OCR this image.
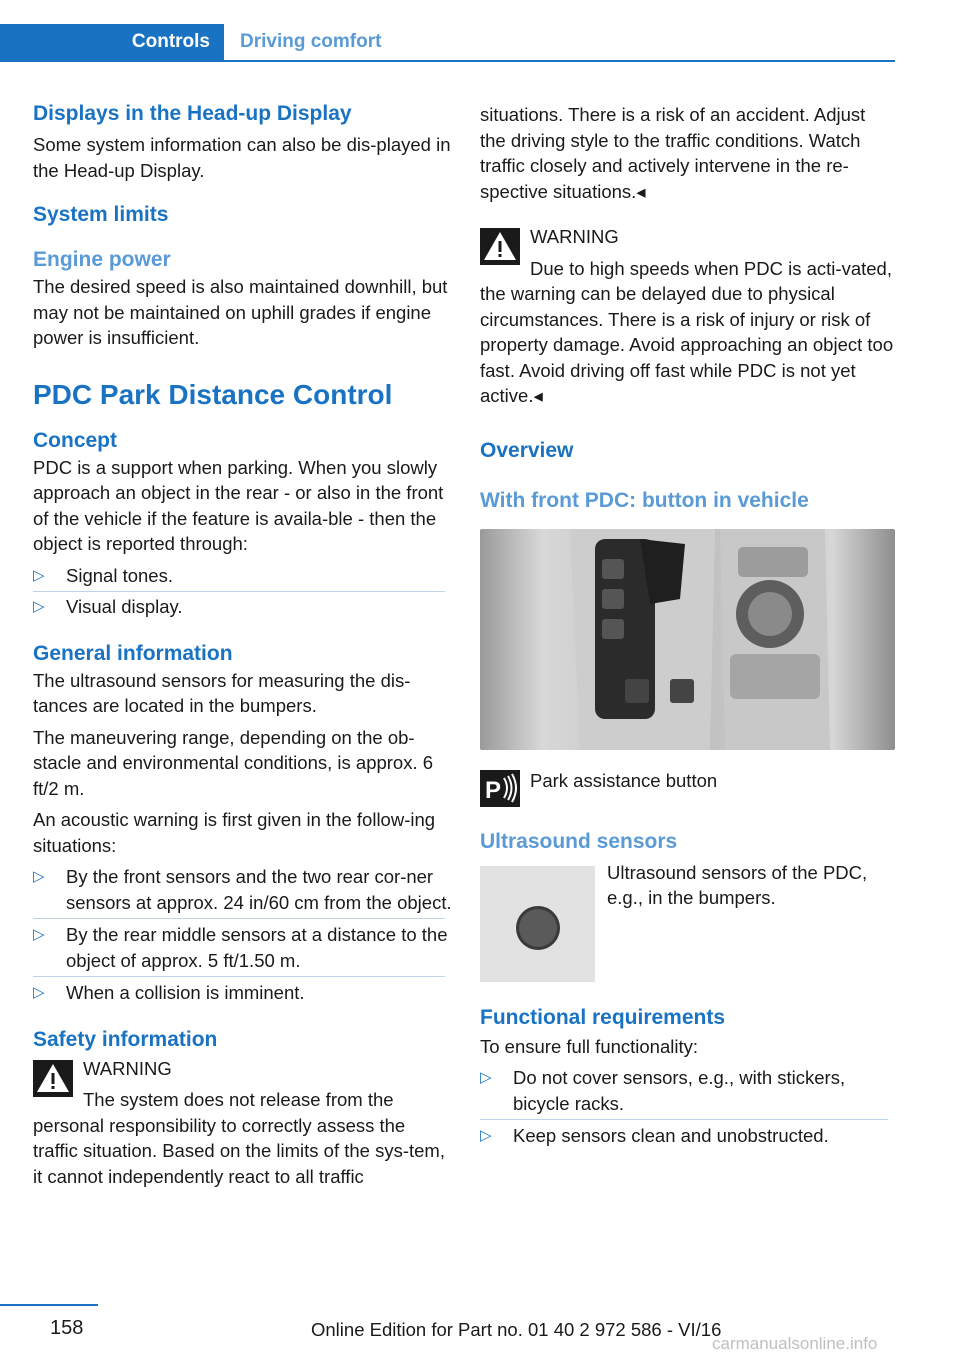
Controls Driving comfort
Displays in the Head-up Display

Some system information can also be dis-played in the Head-up Display.

System limits
Engine power

The desired speed is also maintained downhill, but may not be maintained on uphill grades if engine power is insufficient.

PDC Park Distance Control
Concept

PDC is a support when parking. When you slowly approach an object in the rear - or also in the front of the vehicle if the feature is availa-ble - then the object is reported through:

▷ Signal tones.
▷ Visual display.
General information

The ultrasound sensors for measuring the dis-tances are located in the bumpers.

The maneuvering range, depending on the ob-stacle and environmental conditions, is approx. 6 ft/2 m.

An acoustic warning is first given in the follow-ing situations:

▷ By the front sensors and the two rear cor-ner sensors at approx. 24 in/60 cm from the object.
▷ By the rear middle sensors at a distance to the object of approx. 5 ft/1.50 m.
▷ When a collision is imminent.
Safety information
WARNING

The system does not release from the personal responsibility to correctly assess the traffic situation. Based on the limits of the sys-tem, it cannot independently react to all traffic

situations. There is a risk of an accident. Adjust the driving style to the traffic conditions. Watch traffic closely and actively intervene in the re-spective situations.◂

WARNING

Due to high speeds when PDC is acti-vated, the warning can be delayed due to physical circumstances. There is a risk of injury or risk of property damage. Avoid approaching an object too fast. Avoid driving off fast while PDC is not yet active.◂

Overview
With front PDC: button in vehicle
P	Park assistance button
Ultrasound sensors

Ultrasound sensors of the PDC, e.g., in the bumpers.

Functional requirements

To ensure full functionality:

▷ Do not cover sensors, e.g., with stickers, bicycle racks.
▷ Keep sensors clean and unobstructed.
158	Online Edition for Part no. 01 40 2 972 586 - VI/16
carmanualsonline.info
